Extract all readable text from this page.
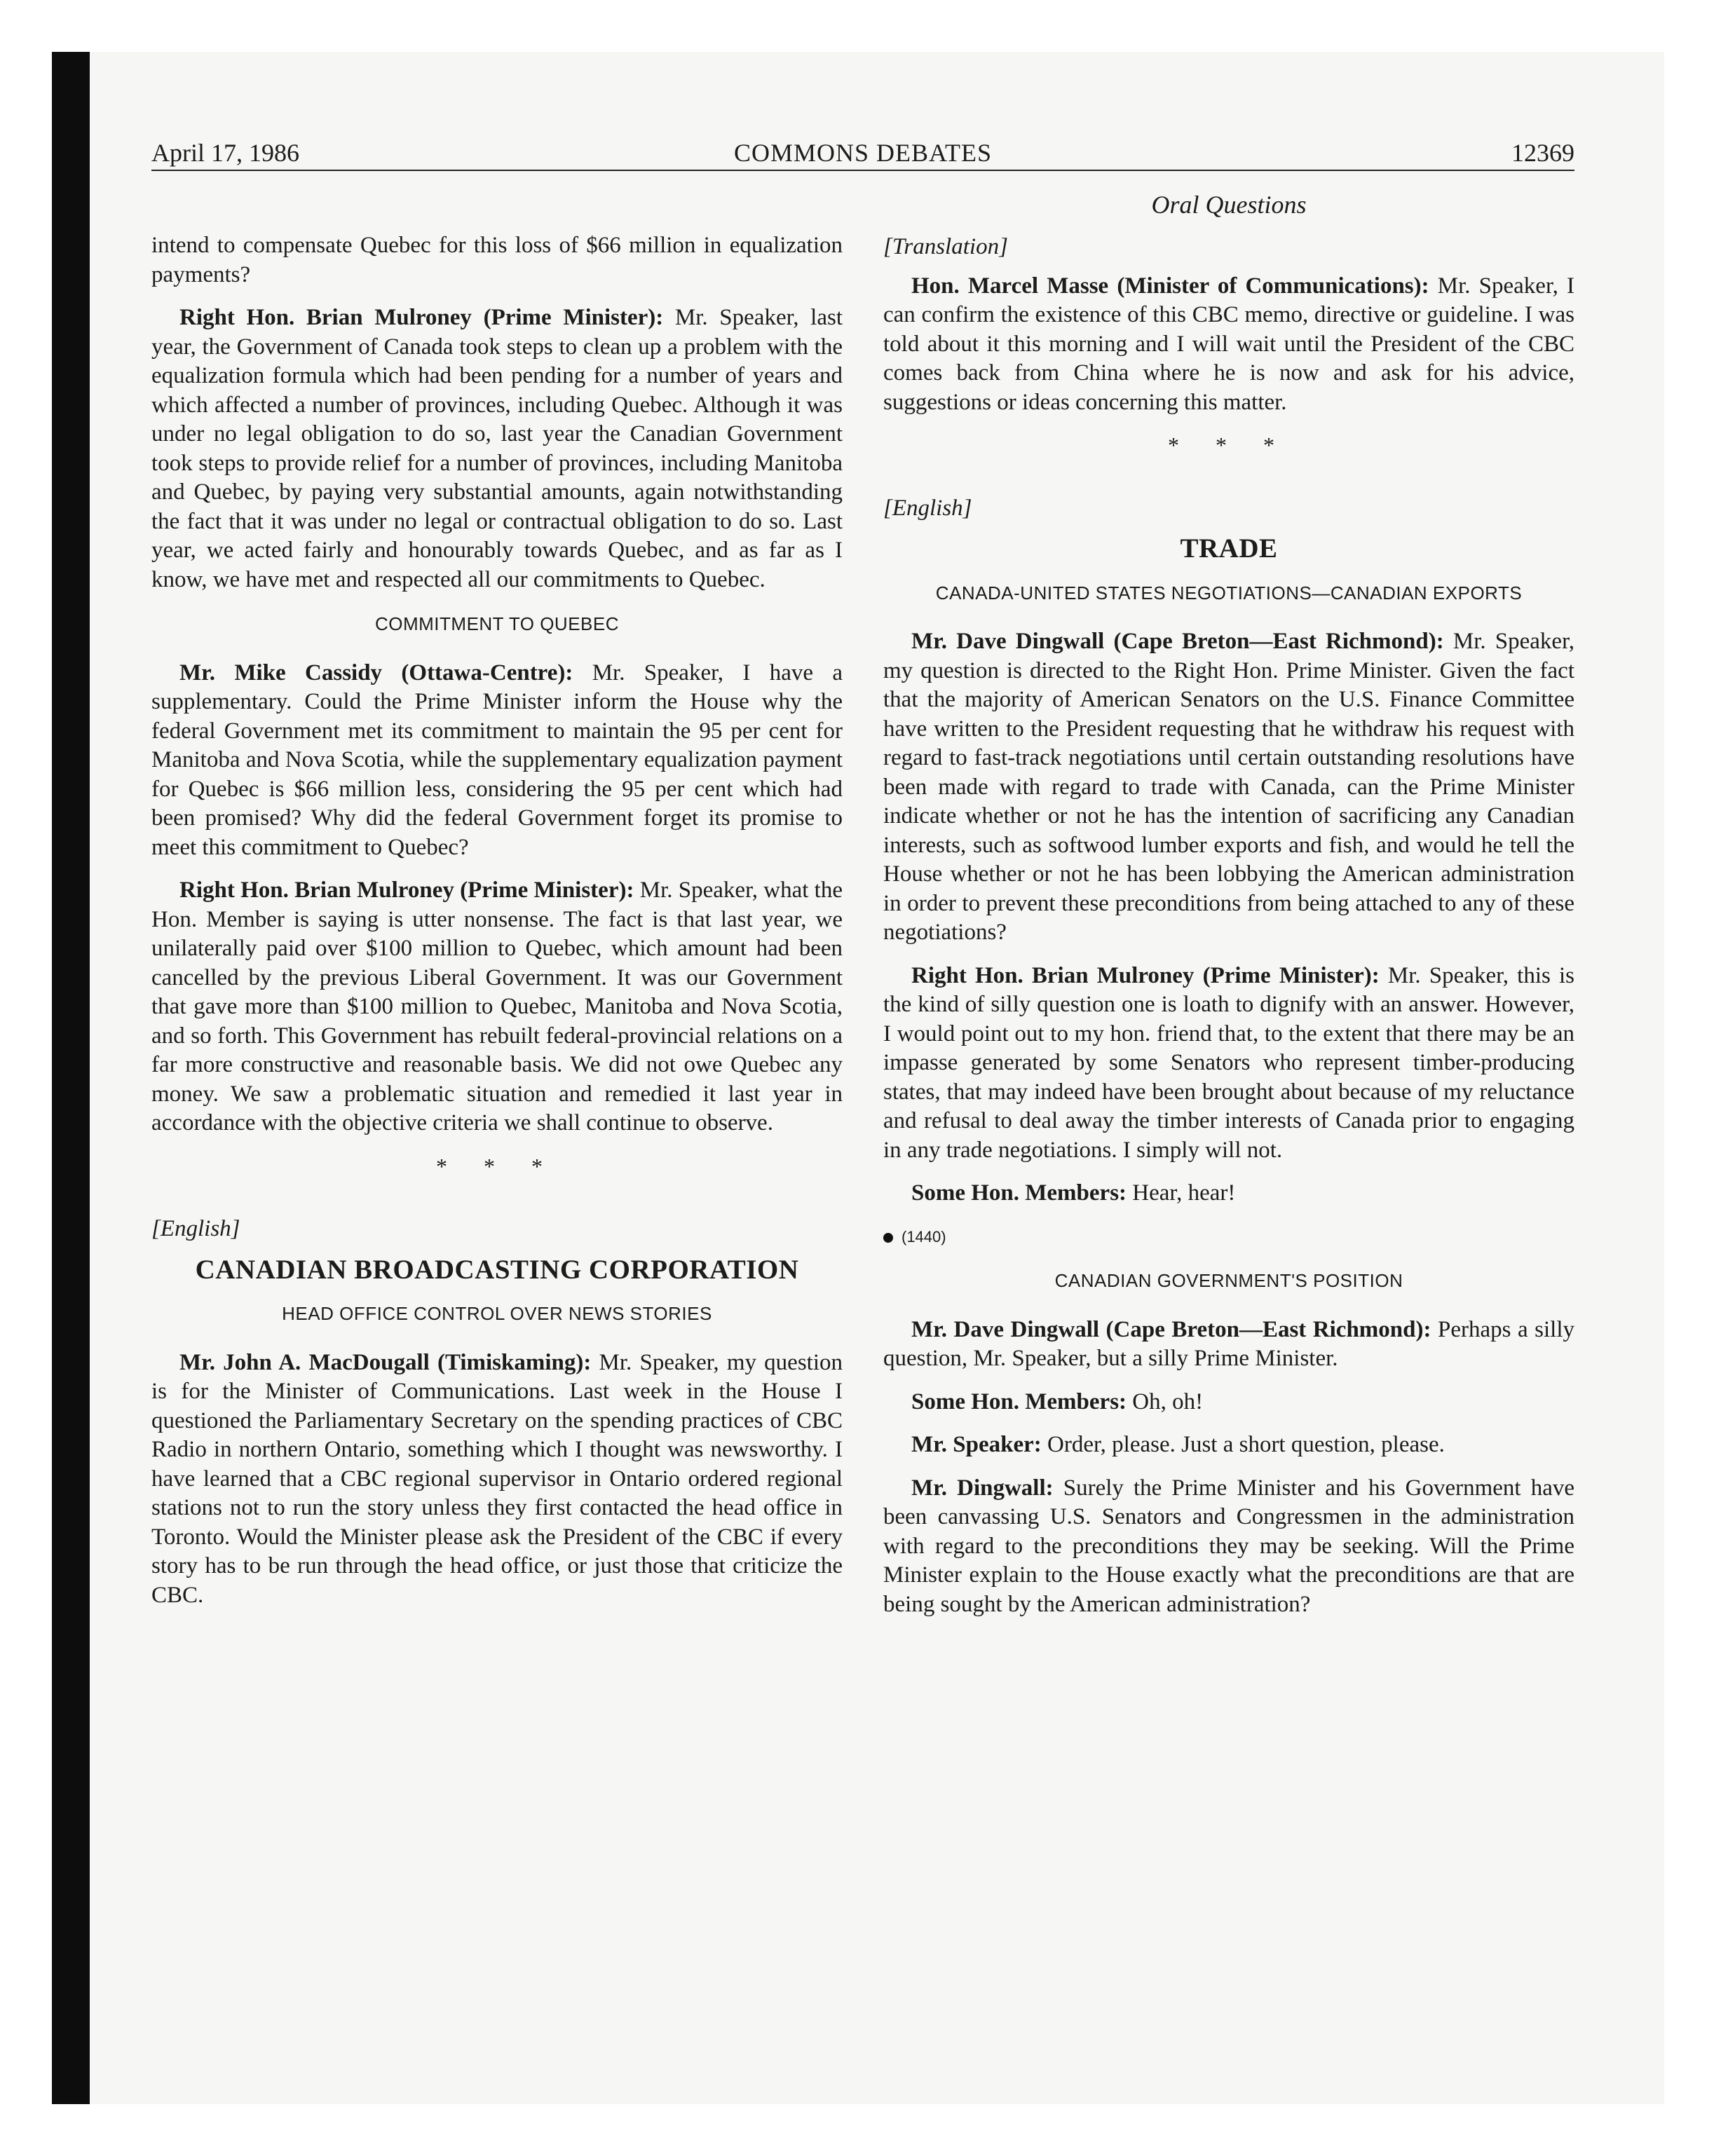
April 17, 1986	COMMONS DEBATES	12369
Oral Questions

intend to compensate Quebec for this loss of $66 million in equalization payments?

Right Hon. Brian Mulroney (Prime Minister): Mr. Speaker, last year, the Government of Canada took steps to clean up a problem with the equalization formula which had been pending for a number of years and which affected a number of provinces, including Quebec. Although it was under no legal obligation to do so, last year the Canadian Government took steps to provide relief for a number of provinces, including Manitoba and Quebec, by paying very substantial amounts, again notwithstanding the fact that it was under no legal or contractual obligation to do so. Last year, we acted fairly and honourably towards Quebec, and as far as I know, we have met and respected all our commitments to Quebec.

COMMITMENT TO QUEBEC

Mr. Mike Cassidy (Ottawa-Centre): Mr. Speaker, I have a supplementary. Could the Prime Minister inform the House why the federal Government met its commitment to maintain the 95 per cent for Manitoba and Nova Scotia, while the supplementary equalization payment for Quebec is $66 million less, considering the 95 per cent which had been promised? Why did the federal Government forget its promise to meet this commitment to Quebec?

Right Hon. Brian Mulroney (Prime Minister): Mr. Speaker, what the Hon. Member is saying is utter nonsense. The fact is that last year, we unilaterally paid over $100 million to Quebec, which amount had been cancelled by the previous Liberal Government. It was our Government that gave more than $100 million to Quebec, Manitoba and Nova Scotia, and so forth. This Government has rebuilt federal-provincial relations on a far more constructive and reasonable basis. We did not owe Quebec any money. We saw a problematic situation and remedied it last year in accordance with the objective criteria we shall continue to observe.

* * *
[English]
CANADIAN BROADCASTING CORPORATION
HEAD OFFICE CONTROL OVER NEWS STORIES

Mr. John A. MacDougall (Timiskaming): Mr. Speaker, my question is for the Minister of Communications. Last week in the House I questioned the Parliamentary Secretary on the spending practices of CBC Radio in northern Ontario, something which I thought was newsworthy. I have learned that a CBC regional supervisor in Ontario ordered regional stations not to run the story unless they first contacted the head office in Toronto. Would the Minister please ask the President of the CBC if every story has to be run through the head office, or just those that criticize the CBC.

[Translation]

Hon. Marcel Masse (Minister of Communications): Mr. Speaker, I can confirm the existence of this CBC memo, directive or guideline. I was told about it this morning and I will wait until the President of the CBC comes back from China where he is now and ask for his advice, suggestions or ideas concerning this matter.

* * *
[English]
TRADE
CANADA-UNITED STATES NEGOTIATIONS—CANADIAN EXPORTS

Mr. Dave Dingwall (Cape Breton—East Richmond): Mr. Speaker, my question is directed to the Right Hon. Prime Minister. Given the fact that the majority of American Senators on the U.S. Finance Committee have written to the President requesting that he withdraw his request with regard to fast-track negotiations until certain outstanding resolutions have been made with regard to trade with Canada, can the Prime Minister indicate whether or not he has the intention of sacrificing any Canadian interests, such as softwood lumber exports and fish, and would he tell the House whether or not he has been lobbying the American administration in order to prevent these preconditions from being attached to any of these negotiations?

Right Hon. Brian Mulroney (Prime Minister): Mr. Speaker, this is the kind of silly question one is loath to dignify with an answer. However, I would point out to my hon. friend that, to the extent that there may be an impasse generated by some Senators who represent timber-producing states, that may indeed have been brought about because of my reluctance and refusal to deal away the timber interests of Canada prior to engaging in any trade negotiations. I simply will not.

Some Hon. Members: Hear, hear!

(1440)
CANADIAN GOVERNMENT'S POSITION

Mr. Dave Dingwall (Cape Breton—East Richmond): Perhaps a silly question, Mr. Speaker, but a silly Prime Minister.

Some Hon. Members: Oh, oh!

Mr. Speaker: Order, please. Just a short question, please.

Mr. Dingwall: Surely the Prime Minister and his Government have been canvassing U.S. Senators and Congressmen in the administration with regard to the preconditions they may be seeking. Will the Prime Minister explain to the House exactly what the preconditions are that are being sought by the American administration?
